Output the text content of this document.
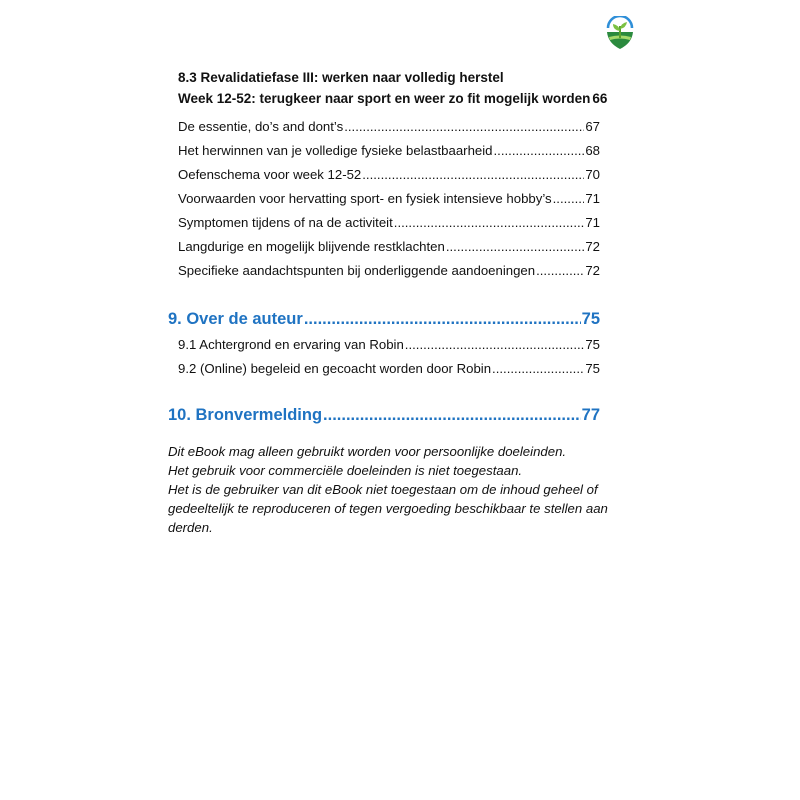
8.3 Revalidatiefase III: werken naar volledig herstel
Week 12-52: terugkeer naar sport en weer zo fit mogelijk worden 66
De essentie, do’s and dont’s .....	67
Het herwinnen van je volledige fysieke belastbaarheid .....	68
Oefenschema voor week 12-52 .....	70
Voorwaarden voor hervatting sport- en fysiek intensieve hobby’s .....	71
Symptomen tijdens of na de activiteit .....	71
Langdurige en mogelijk blijvende restklachten .....	72
Specifieke aandachtspunten bij onderliggende aandoeningen .....	72
9. Over de auteur .....	75
9.1 Achtergrond en ervaring van Robin .....	75
9.2 (Online) begeleid en gecoacht worden door Robin .....	75
10. Bronvermelding .....	77

Dit eBook mag alleen gebruikt worden voor persoonlijke doeleinden.

Het gebruik voor commerciële doeleinden is niet toegestaan.

Het is de gebruiker van dit eBook niet toegestaan om de inhoud geheel of

gedeeltelijk te reproduceren of tegen vergoeding beschikbaar te stellen aan

derden.
